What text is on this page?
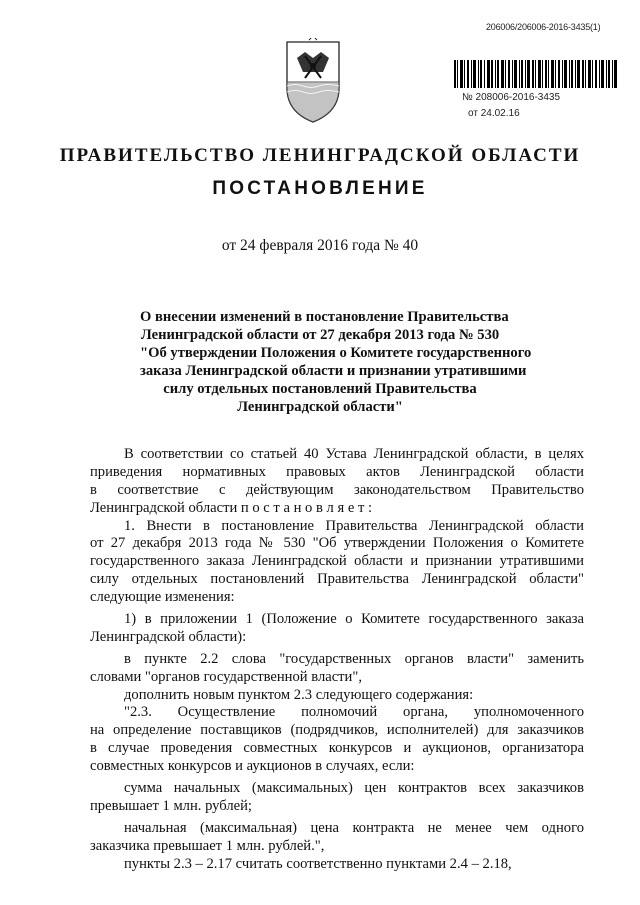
206006/206006-2016-3435(1)
№ 208006-2016-3435
от 24.02.16
ПРАВИТЕЛЬСТВО ЛЕНИНГРАДСКОЙ ОБЛАСТИ
ПОСТАНОВЛЕНИЕ
от 24 февраля 2016 года № 40
О внесении изменений в постановление Правительства
Ленинградской области от 27 декабря 2013 года № 530
"Об утверждении Положения о Комитете государственного
заказа Ленинградской области и признании утратившими
силу отдельных постановлений Правительства
Ленинградской области"
В соответствии со статьей 40 Устава Ленинградской области, в целях
приведения нормативных правовых актов Ленинградской области
в соответствие с действующим законодательством Правительство
Ленинградской области п о с т а н о в л я е т :
1. Внести в постановление Правительства Ленинградской области
от 27 декабря 2013 года № 530 "Об утверждении Положения о Комитете
государственного заказа Ленинградской области и признании утратившими
силу отдельных постановлений Правительства Ленинградской области"
следующие изменения:
1) в приложении 1 (Положение о Комитете государственного заказа
Ленинградской области):
в пункте 2.2 слова "государственных органов власти" заменить
словами "органов государственной власти",
дополнить новым пунктом 2.3 следующего содержания:
"2.3. Осуществление полномочий органа, уполномоченного
на определение поставщиков (подрядчиков, исполнителей) для заказчиков
в случае проведения совместных конкурсов и аукционов, организатора
совместных конкурсов и аукционов в случаях, если:
сумма начальных (максимальных) цен контрактов всех заказчиков
превышает 1 млн. рублей;
начальная (максимальная) цена контракта не менее чем одного
заказчика превышает 1 млн. рублей.",
пункты 2.3 – 2.17 считать соответственно пунктами 2.4 – 2.18,
